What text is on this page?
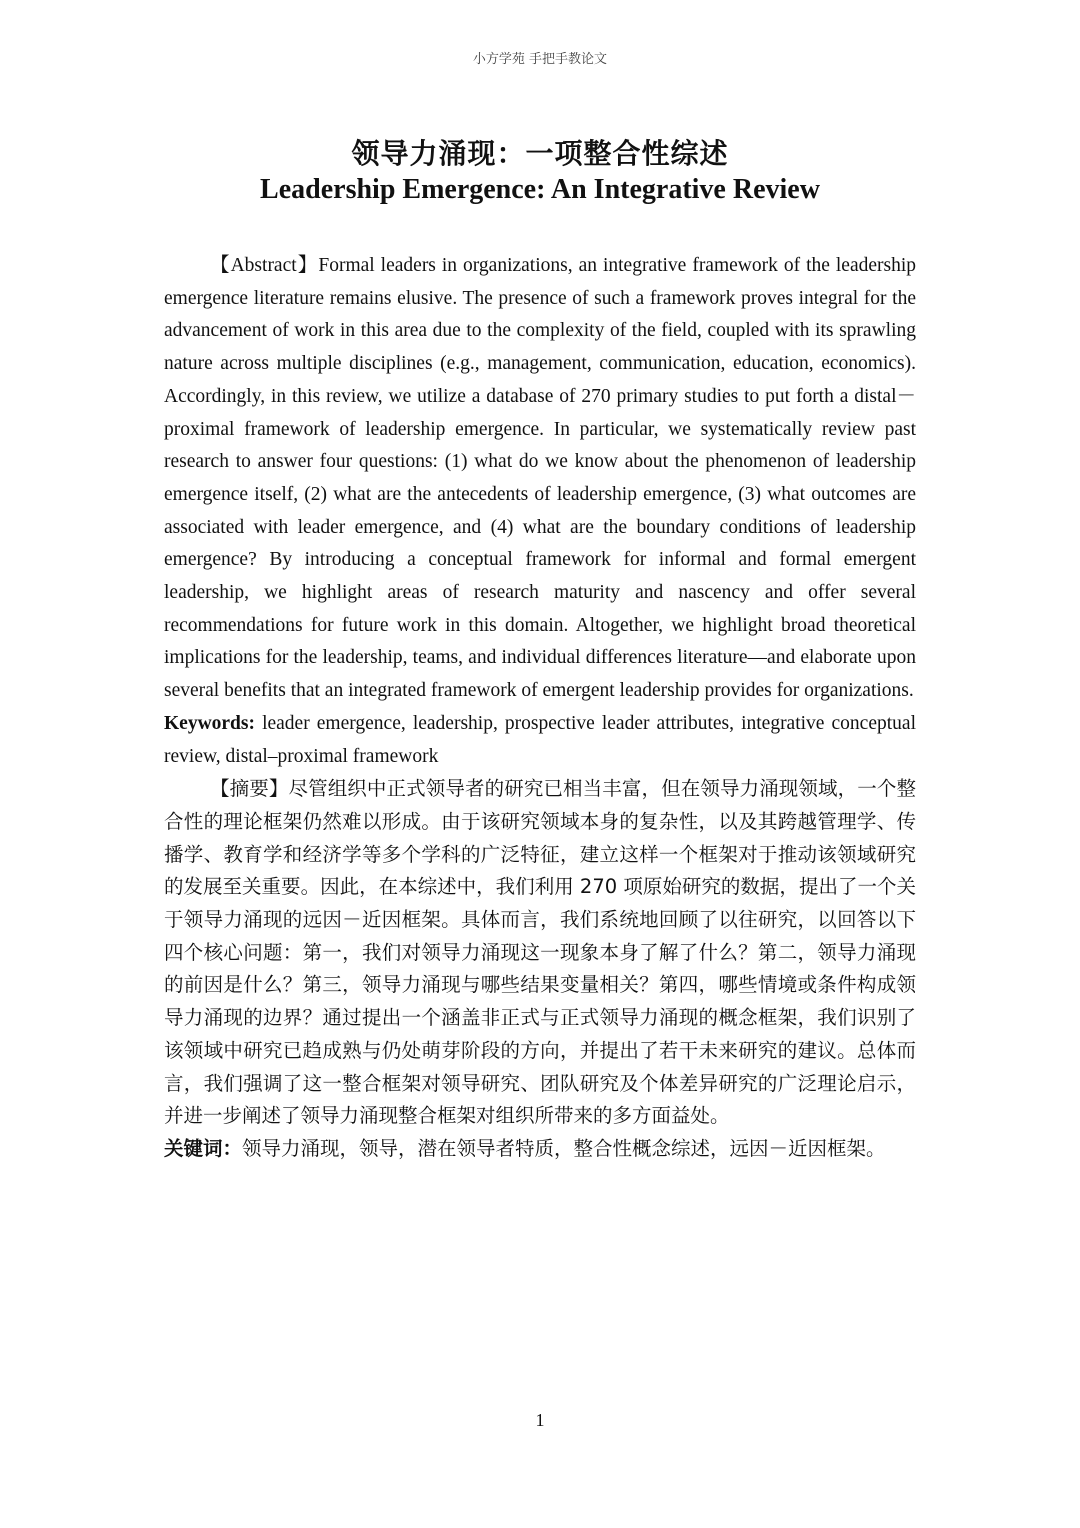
小方学苑 手把手教论文
领导力涌现：一项整合性综述
Leadership Emergence: An Integrative Review

【Abstract】Formal leaders in organizations, an integrative framework of the leadership emergence literature remains elusive. The presence of such a framework proves integral for the advancement of work in this area due to the complexity of the field, coupled with its sprawling nature across multiple disciplines (e.g., management, communication, education, economics). Accordingly, in this review, we utilize a database of 270 primary studies to put forth a distal－proximal framework of leadership emergence. In particular, we systematically review past research to answer four questions: (1) what do we know about the phenomenon of leadership emergence itself, (2) what are the antecedents of leadership emergence, (3) what outcomes are associated with leader emergence, and (4) what are the boundary conditions of leadership emergence? By introducing a conceptual framework for informal and formal emergent leadership, we highlight areas of research maturity and nascency and offer several recommendations for future work in this domain. Altogether, we highlight broad theoretical implications for the leadership, teams, and individual differences literature—and elaborate upon several benefits that an integrated framework of emergent leadership provides for organizations.

Keywords: leader emergence, leadership, prospective leader attributes, integrative conceptual review, distal–proximal framework

【摘要】尽管组织中正式领导者的研究已相当丰富，但在领导力涌现领域，一个整合性的理论框架仍然难以形成。由于该研究领域本身的复杂性，以及其跨越管理学、传播学、教育学和经济学等多个学科的广泛特征，建立这样一个框架对于推动该领域研究的发展至关重要。因此，在本综述中，我们利用 270 项原始研究的数据，提出了一个关于领导力涌现的远因－近因框架。具体而言，我们系统地回顾了以往研究，以回答以下四个核心问题：第一，我们对领导力涌现这一现象本身了解了什么？第二，领导力涌现的前因是什么？第三，领导力涌现与哪些结果变量相关？第四，哪些情境或条件构成领导力涌现的边界？通过提出一个涵盖非正式与正式领导力涌现的概念框架，我们识别了该领域中研究已趋成熟与仍处萌芽阶段的方向，并提出了若干未来研究的建议。总体而言，我们强调了这一整合框架对领导研究、团队研究及个体差异研究的广泛理论启示，并进一步阐述了领导力涌现整合框架对组织所带来的多方面益处。

关键词：领导力涌现，领导，潜在领导者特质，整合性概念综述，远因－近因框架。

1
